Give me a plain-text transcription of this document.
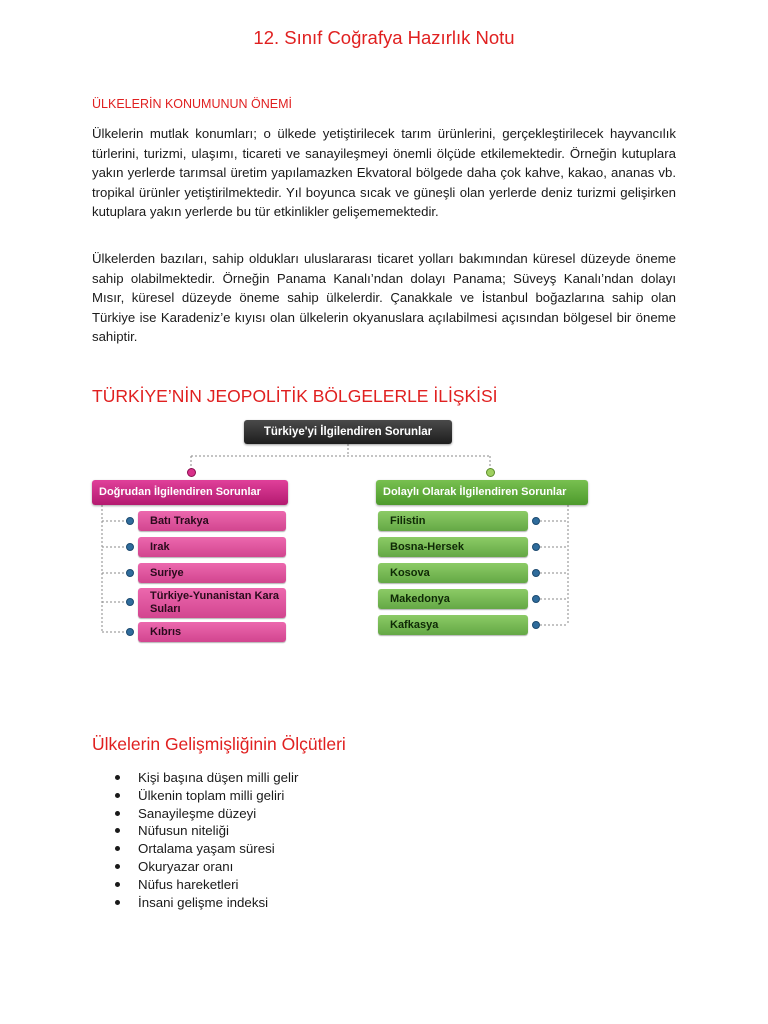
12. Sınıf Coğrafya Hazırlık Notu
ÜLKELERİN KONUMUNUN ÖNEMİ

Ülkelerin mutlak konumları; o ülkede yetiştirilecek tarım ürünlerini, gerçekleştirilecek hayvancılık türlerini, turizmi, ulaşımı, ticareti ve sanayileşmeyi önemli ölçüde etkilemektedir. Örneğin kutuplara yakın yerlerde tarımsal üretim yapılamazken Ekvatoral bölgede daha çok kahve, kakao, ananas vb. tropikal ürünler yetiştirilmektedir. Yıl boyunca sıcak ve güneşli olan yerlerde deniz turizmi gelişirken kutuplara yakın yerlerde bu tür etkinlikler gelişememektedir.

Ülkelerden bazıları, sahip oldukları uluslararası ticaret yolları bakımından küresel düzeyde öneme sahip olabilmektedir. Örneğin Panama Kanalı’ndan dolayı Panama; Süveyş Kanalı’ndan dolayı Mısır, küresel düzeyde öneme sahip ülkelerdir. Çanakkale ve İstanbul boğazlarına sahip olan Türkiye ise Karadeniz’e kıyısı olan ülkelerin okyanuslara açılabilmesi açısından bölgesel bir öneme sahiptir.

TÜRKİYE’NİN JEOPOLİTİK BÖLGELERLE İLİŞKİSİ
Türkiye'yi İlgilendiren Sorunlar
Doğrudan İlgilendiren Sorunlar	Dolaylı Olarak İlgilendiren Sorunlar
Batı Trakya
Irak
Suriye
Türkiye-Yunanistan Kara Suları
Kıbrıs
Filistin
Bosna-Hersek
Kosova
Makedonya
Kafkasya
Ülkelerin Gelişmişliğinin Ölçütleri
Kişi başına düşen milli gelir
Ülkenin toplam milli geliri
Sanayileşme düzeyi
Nüfusun niteliği
Ortalama yaşam süresi
Okuryazar oranı
Nüfus hareketleri
İnsani gelişme indeksi
